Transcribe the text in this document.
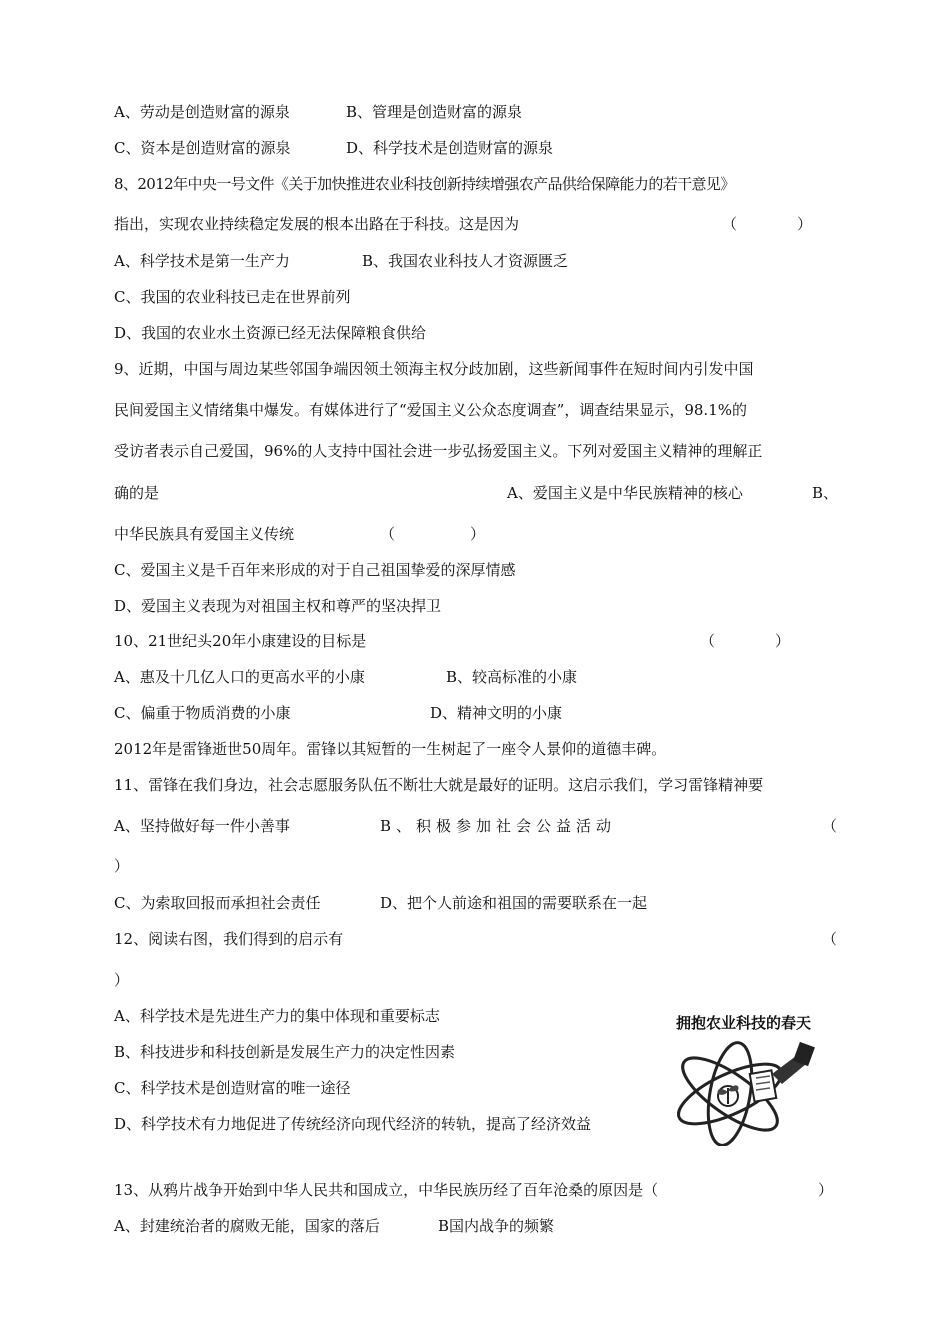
A、劳动是创造财富的源泉	B、管理是创造财富的源泉
C、资本是创造财富的源泉	D、科学技术是创造财富的源泉
8、2012年中央一号文件《关于加快推进农业科技创新持续增强农产品供给保障能力的若干意见》
指出，实现农业持续稳定发展的根本出路在于科技。这是因为	（　　　　）
A、科学技术是第一生产力	B、我国农业科技人才资源匮乏
C、我国的农业科技已走在世界前列
D、我国的农业水土资源已经无法保障粮食供给
9、近期，中国与周边某些邻国争端因领土领海主权分歧加剧，这些新闻事件在短时间内引发中国
民间爱国主义情绪集中爆发。有媒体进行了“爱国主义公众态度调查”，调查结果显示，98.1%的
受访者表示自己爱国，96%的人支持中国社会进一步弘扬爱国主义。下列对爱国主义精神的理解正
确的是	A、爱国主义是中华民族精神的核心	B、
中华民族具有爱国主义传统	（　　　　　）
C、爱国主义是千百年来形成的对于自己祖国挚爱的深厚情感
D、爱国主义表现为对祖国主权和尊严的坚决捍卫
10、21世纪头20年小康建设的目标是	（　　　　）
A、惠及十几亿人口的更高水平的小康	B、较高标准的小康
C、偏重于物质消费的小康	D、精神文明的小康
2012年是雷锋逝世50周年。雷锋以其短暂的一生树起了一座令人景仰的道德丰碑。
11、雷锋在我们身边，社会志愿服务队伍不断壮大就是最好的证明。这启示我们，学习雷锋精神要
A、坚持做好每一件小善事	B、积极参加社会公益活动	（
）
C、为索取回报而承担社会责任	D、把个人前途和祖国的需要联系在一起
12、阅读右图，我们得到的启示有	（
）
A、科学技术是先进生产力的集中体现和重要标志
B、科技进步和科技创新是发展生产力的决定性因素
C、科学技术是创造财富的唯一途径
D、科学技术有力地促进了传统经济向现代经济的转轨，提高了经济效益
拥抱农业科技的春天
13、从鸦片战争开始到中华人民共和国成立，中华民族历经了百年沧桑的原因是（	）
A、封建统治者的腐败无能，国家的落后	B国内战争的频繁
